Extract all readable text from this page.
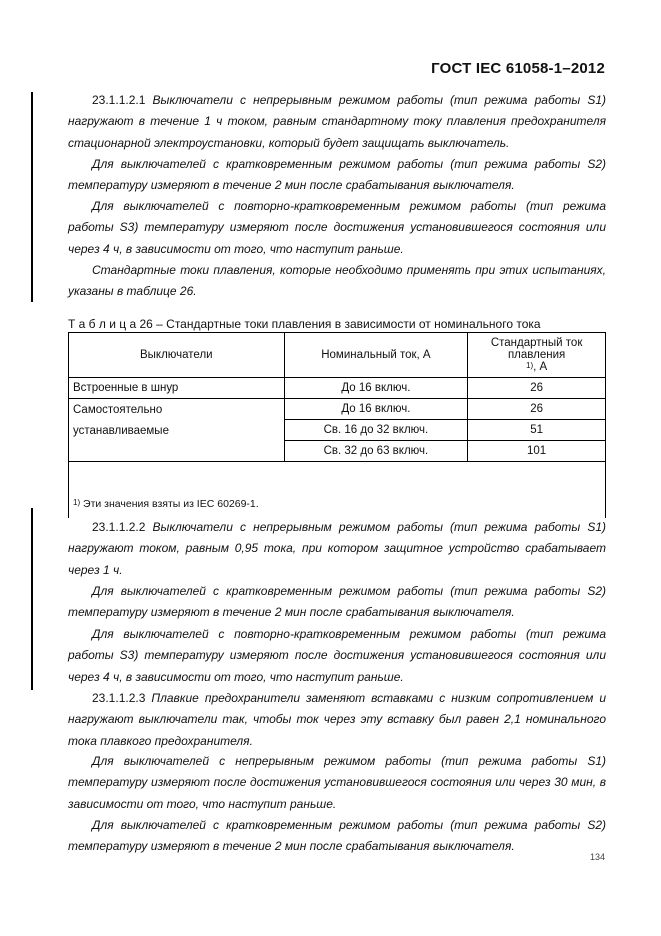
ГОСТ IEC 61058-1–2012

23.1.1.2.1 Выключатели с непрерывным режимом работы (тип режима работы S1) нагружают в течение 1 ч током, равным стандартному току плавления предохранителя стационарной электроустановки, который будет защищать выключатель.

Для выключателей с кратковременным режимом работы (тип режима работы S2) температуру измеряют в течение 2 мин после срабатывания выключателя.

Для выключателей с повторно-кратковременным режимом работы (тип режима работы S3) температуру измеряют после достижения установившегося состояния или через 4 ч, в зависимости от того, что наступит раньше.

Стандартные токи плавления, которые необходимо применять при этих испытаниях, указаны в таблице 26.

Т а б л и ц а 26 – Стандартные токи плавления в зависимости от номинального тока
Выключатели	Номинальный ток, А	Стандартный ток плавления
$^{1)}$, А
Встроенные в шнур	До 16 включ.	26
Самостоятельно
устанавливаемые	До 16 включ.	26
	Св. 16 до 32 включ.	51
	Св. 32 до 63 включ.	101
$^{1)}$ Эти значения взяты из IEC 60269-1.		

23.1.1.2.2 Выключатели с непрерывным режимом работы (тип режима работы S1) нагружают током, равным 0,95 тока, при котором защитное устройство срабатывает через 1 ч.

Для выключателей с кратковременным режимом работы (тип режима работы S2) температуру измеряют в течение 2 мин после срабатывания выключателя.

Для выключателей с повторно-кратковременным режимом работы (тип режима работы S3) температуру измеряют после достижения установившегося состояния или через 4 ч, в зависимости от того, что наступит раньше.

23.1.1.2.3 Плавкие предохранители заменяют вставками с низким сопротивлением и нагружают выключатели так, чтобы ток через эту вставку был равен 2,1 номинального тока плавкого предохранителя.

Для выключателей с непрерывным режимом работы (тип режима работы S1) температуру измеряют после достижения установившегося состояния или через 30 мин, в зависимости от того, что наступит раньше.

Для выключателей с кратковременным режимом работы (тип режима работы S2) температуру измеряют в течение 2 мин после срабатывания выключателя.

134
